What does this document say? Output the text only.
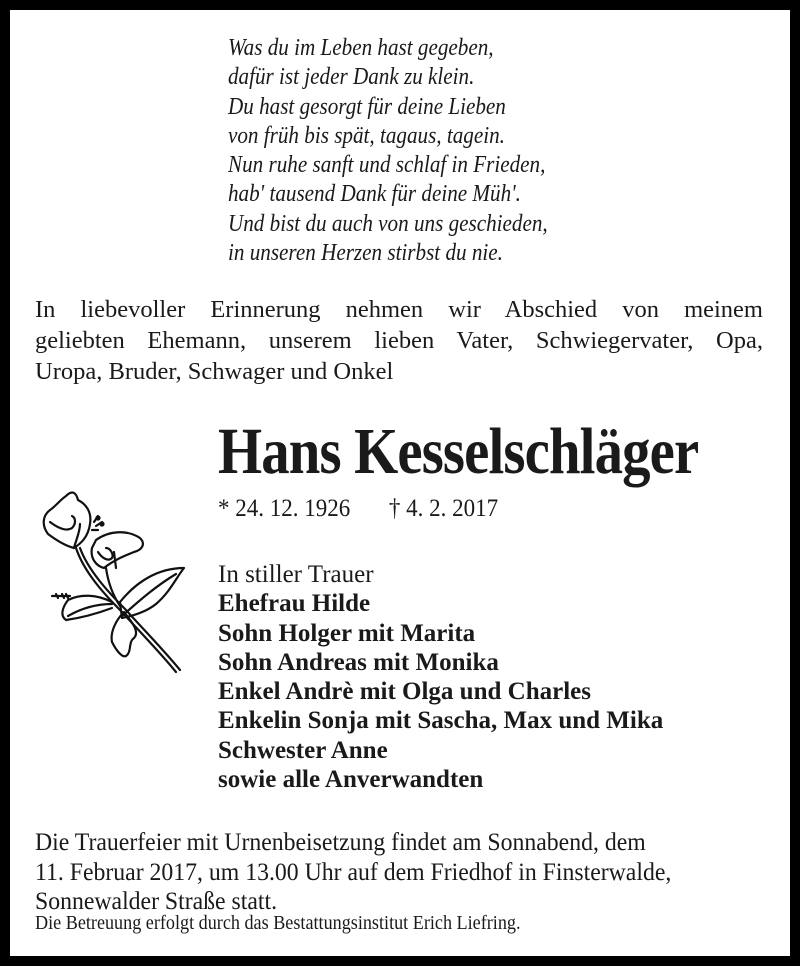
Was du im Leben hast gegeben,
dafür ist jeder Dank zu klein.
Du hast gesorgt für deine Lieben
von früh bis spät, tagaus, tagein.
Nun ruhe sanft und schlaf in Frieden,
hab' tausend Dank für deine Müh'.
Und bist du auch von uns geschieden,
in unseren Herzen stirbst du nie.
In liebevoller Erinnerung nehmen wir Abschied von meinem
geliebten Ehemann, unserem lieben Vater, Schwiegervater, Opa,
Uropa, Bruder, Schwager und Onkel
Hans Kesselschläger
* 24. 12. 1926 † 4. 2. 2017
In stiller Trauer
Ehefrau Hilde
Sohn Holger mit Marita
Sohn Andreas mit Monika
Enkel Andrè mit Olga und Charles
Enkelin Sonja mit Sascha, Max und Mika
Schwester Anne
sowie alle Anverwandten
Die Trauerfeier mit Urnenbeisetzung findet am Sonnabend, dem
11. Februar 2017, um 13.00 Uhr auf dem Friedhof in Finsterwalde,
Sonnewalder Straße statt.
Die Betreuung erfolgt durch das Bestattungsinstitut Erich Liefring.
